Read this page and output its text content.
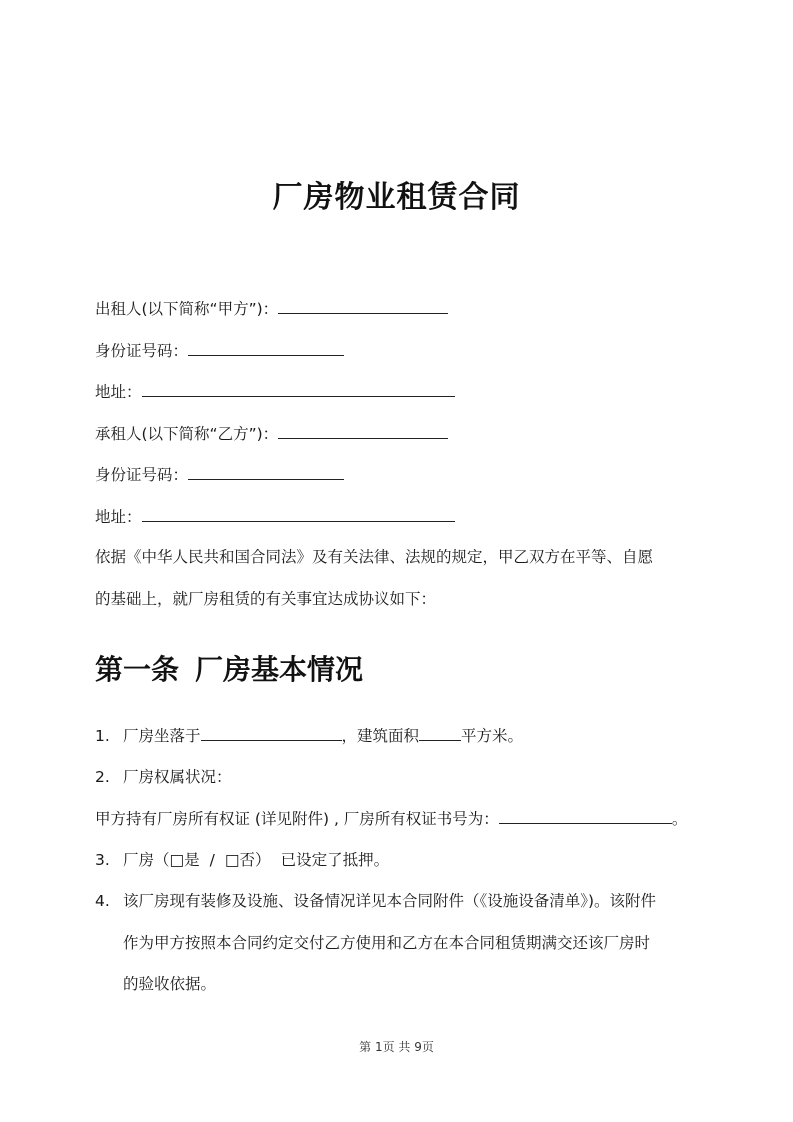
厂房物业租赁合同

出租人(以下简称“甲方”)：

身份证号码：

地址：

承租人(以下简称“乙方”)：

身份证号码：

地址：

依据《中华人民共和国合同法》及有关法律、法规的规定，甲乙双方在平等、自愿

的基础上，就厂房租赁的有关事宜达成协议如下：

第一条 厂房基本情况

1. 厂房坐落于	，建筑面积	平方米。

2. 厂房权属状况：

甲方持有厂房所有权证 (详见附件) , 厂房所有权证书号为：	。

3. 厂房（□是 / □否） 已设定了抵押。

4. 该厂房现有装修及设施、设备情况详见本合同附件（《设施设备清单》)。该附件

作为甲方按照本合同约定交付乙方使用和乙方在本合同租赁期满交还该厂房时

的验收依据。

第 1页 共 9页
